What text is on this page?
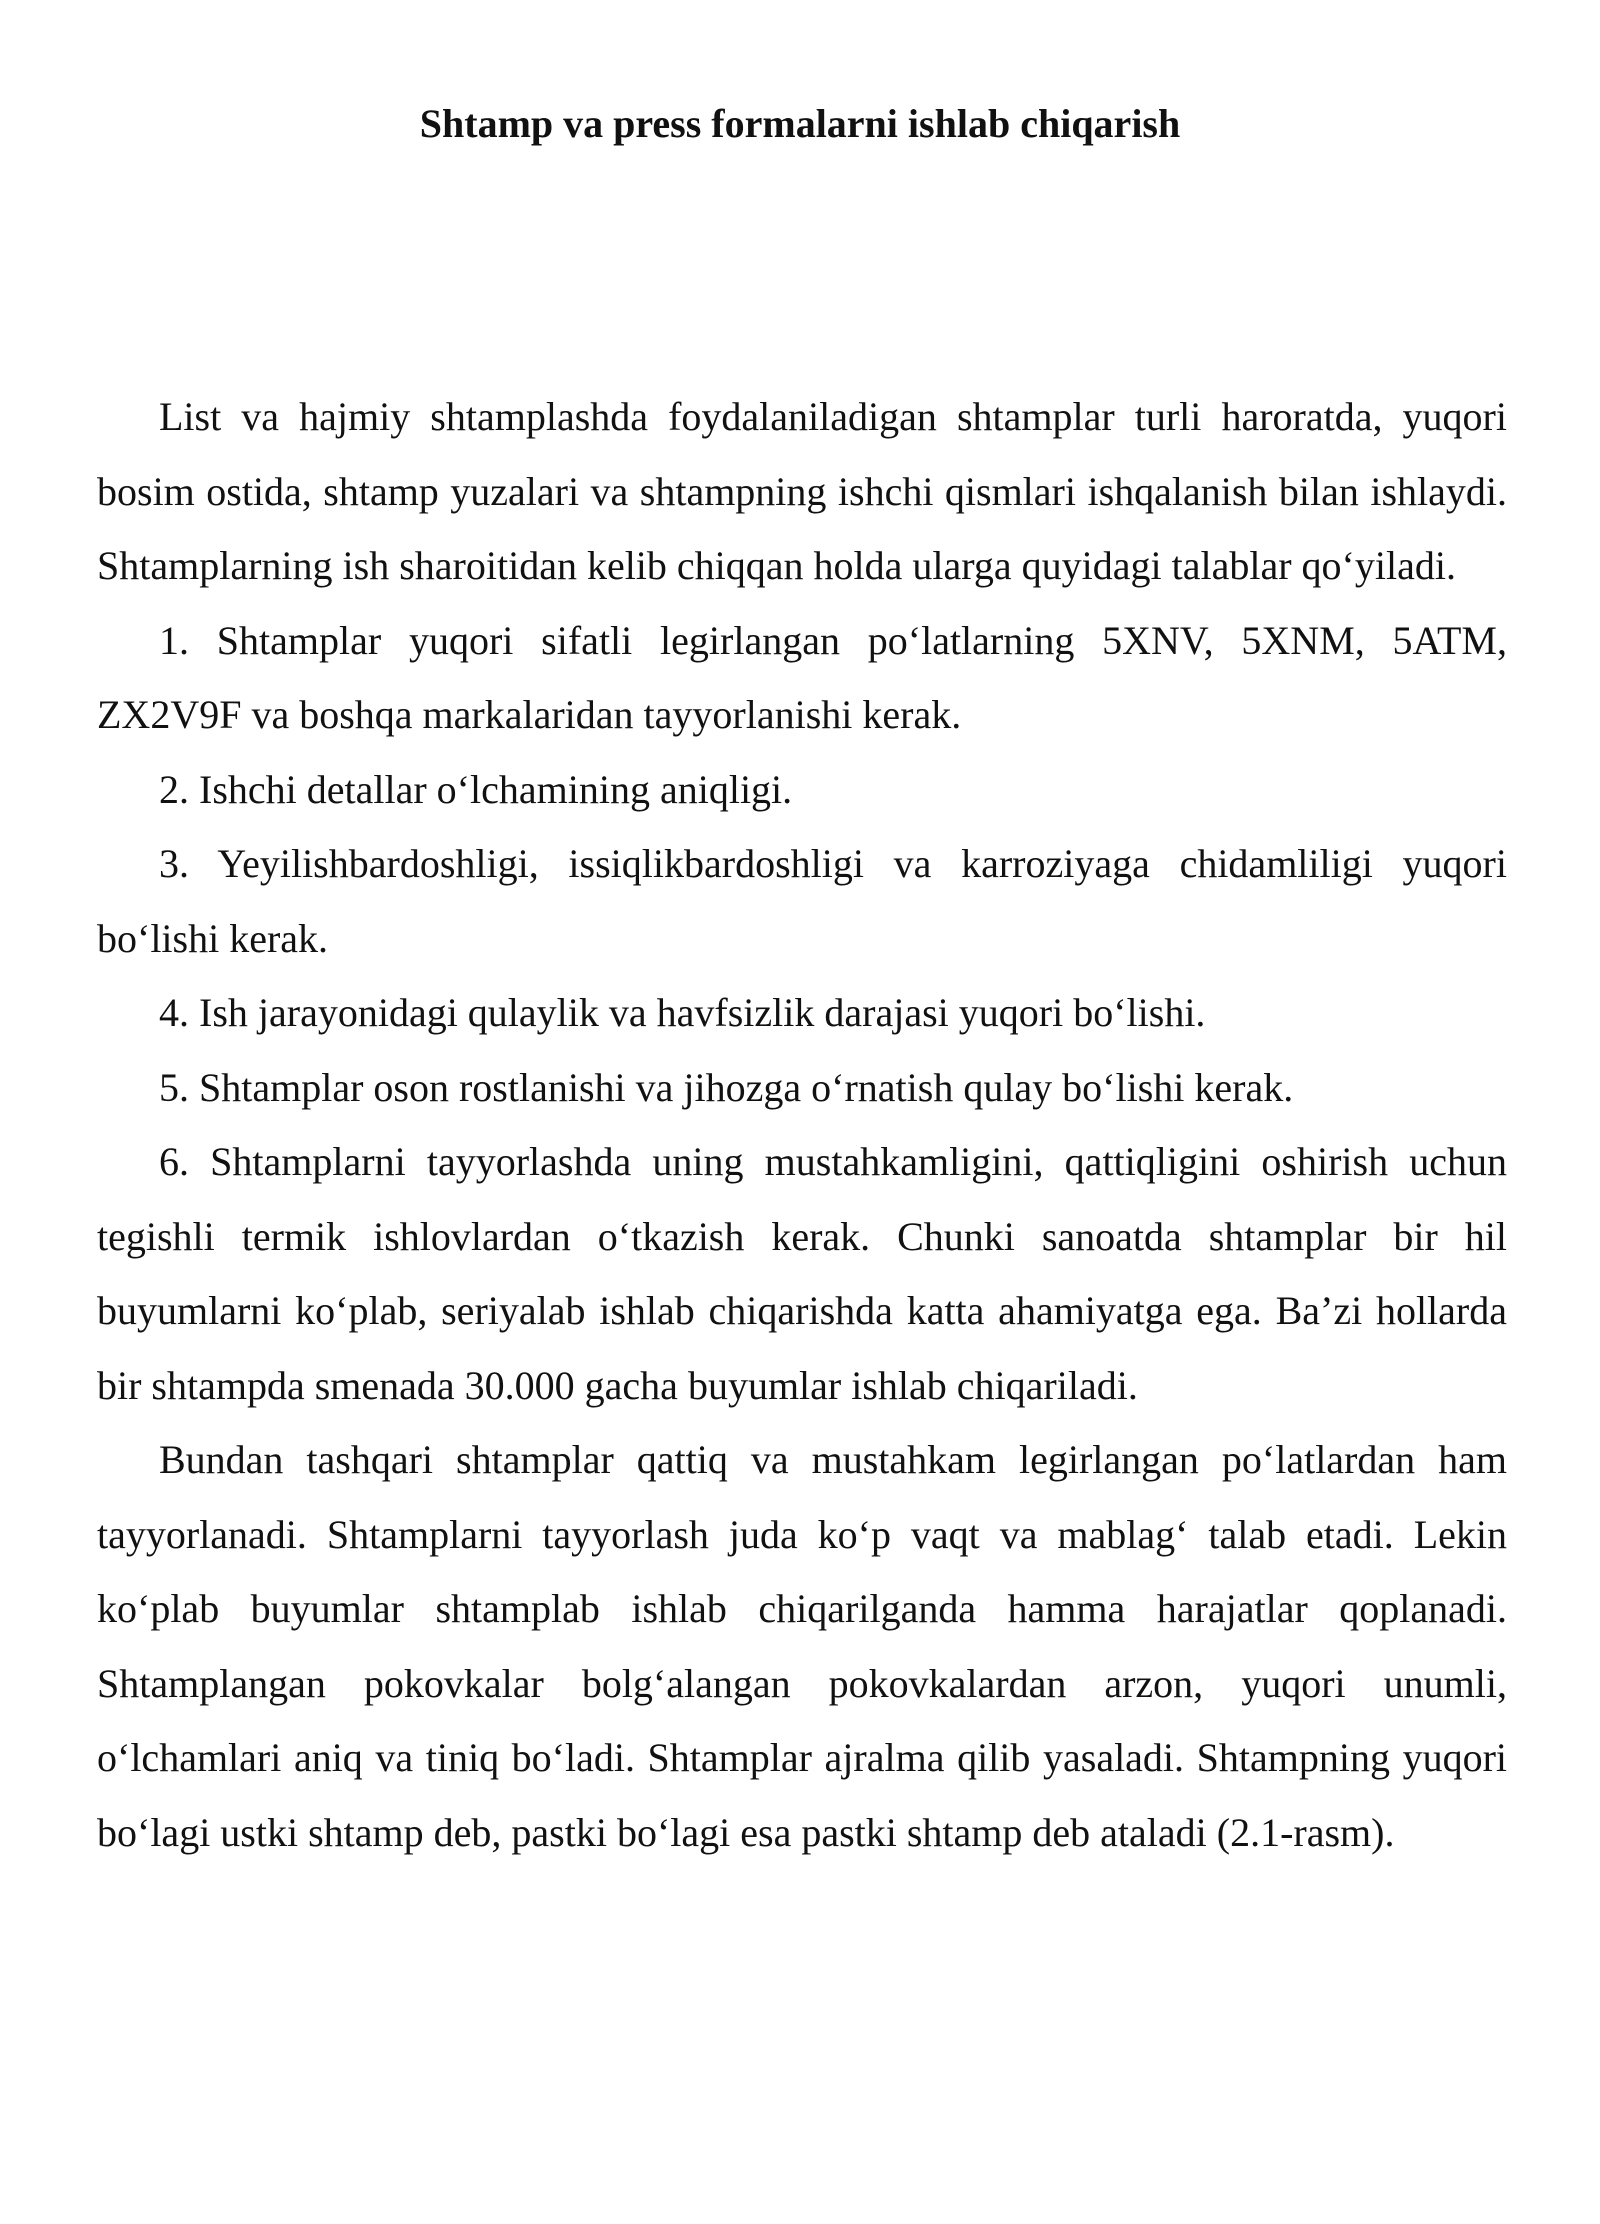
Shtamp va press formalarni ishlab chiqarish

List va hajmiy shtamplashda foydalaniladigan shtamplar turli haroratda, yuqori bosim ostida, shtamp yuzalari va shtampning ishchi qismlari ishqalanish bilan ishlaydi. Shtamplarning ish sharoitidan kelib chiqqan holda ularga quyidagi talablar qo‘yiladi.

1. Shtamplar yuqori sifatli legirlangan po‘latlarning 5XNV, 5XNM, 5ATM, ZX2V9F va boshqa markalaridan tayyorlanishi kerak.

2. Ishchi detallar o‘lchamining aniqligi.

3. Yeyilishbardoshligi, issiqlikbardoshligi va karroziyaga chidamliligi yuqori bo‘lishi kerak.

4. Ish jarayonidagi qulaylik va havfsizlik darajasi yuqori bo‘lishi.

5. Shtamplar oson rostlanishi va jihozga o‘rnatish qulay bo‘lishi kerak.

6. Shtamplarni tayyorlashda uning mustahkamligini, qattiqligini oshirish uchun tegishli termik ishlovlardan o‘tkazish kerak. Chunki sanoatda shtamplar bir hil buyumlarni ko‘plab, seriyalab ishlab chiqarishda katta ahamiyatga ega. Ba’zi hollarda bir shtampda smenada 30.000 gacha buyumlar ishlab chiqariladi.

Bundan tashqari shtamplar qattiq va mustahkam legirlangan po‘latlardan ham tayyorlanadi. Shtamplarni tayyorlash juda ko‘p vaqt va mablag‘ talab etadi. Lekin ko‘plab buyumlar shtamplab ishlab chiqarilganda hamma harajatlar qoplanadi. Shtamplangan pokovkalar bolg‘alangan pokovkalardan arzon, yuqori unumli, o‘lchamlari aniq va tiniq bo‘ladi. Shtamplar ajralma qilib yasaladi. Shtampning yuqori bo‘lagi ustki shtamp deb, pastki bo‘lagi esa pastki shtamp deb ataladi (2.1-rasm).
